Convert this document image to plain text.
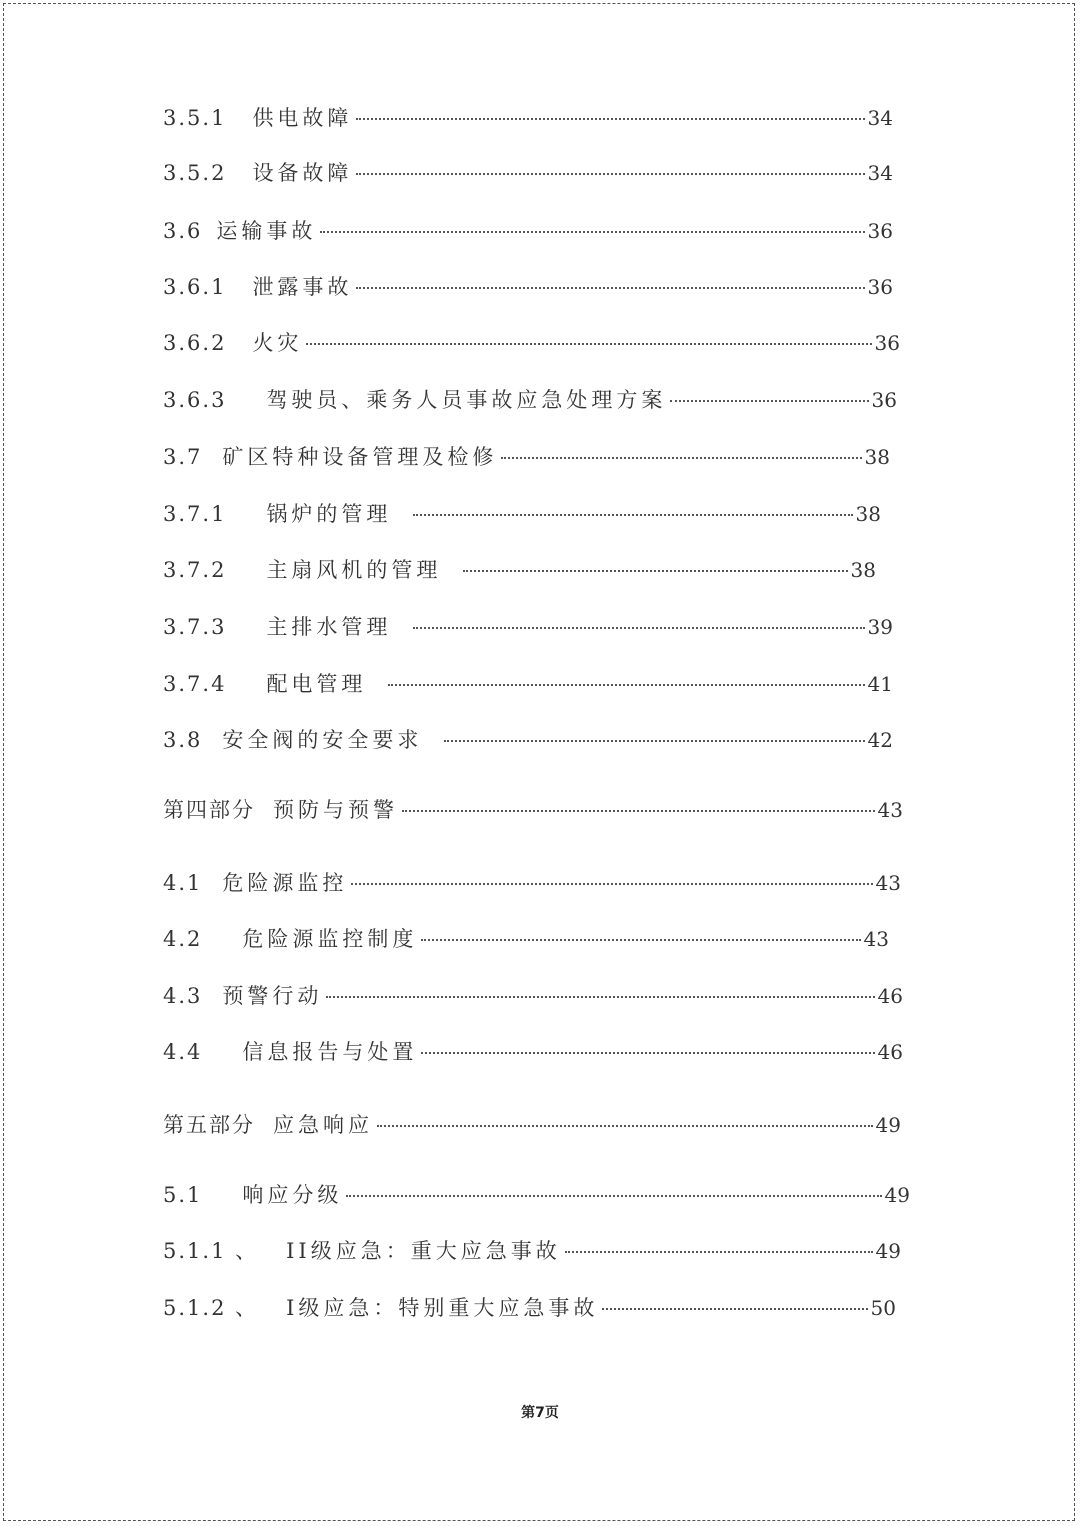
3.5.1 供电故障	34
3.5.2 设备故障	34
3.6 运输事故	36
3.6.1 泄露事故	36
3.6.2 火灾	36
3.6.3 驾驶员、乘务人员事故应急处理方案	36
3.7 矿区特种设备管理及检修	38
3.7.1 锅炉的管理	38
3.7.2 主扇风机的管理	38
3.7.3 主排水管理	39
3.7.4 配电管理	41
3.8 安全阀的安全要求	42
第四部分 预防与预警	43
4.1 危险源监控	43
4.2 危险源监控制度	43
4.3 预警行动	46
4.4 信息报告与处置	46
第五部分 应急响应	49
5.1 响应分级	49
5.1.1 、 II级应急：重大应急事故	49
5.1.2 、 I级应急：特别重大应急事故	50
第7页
